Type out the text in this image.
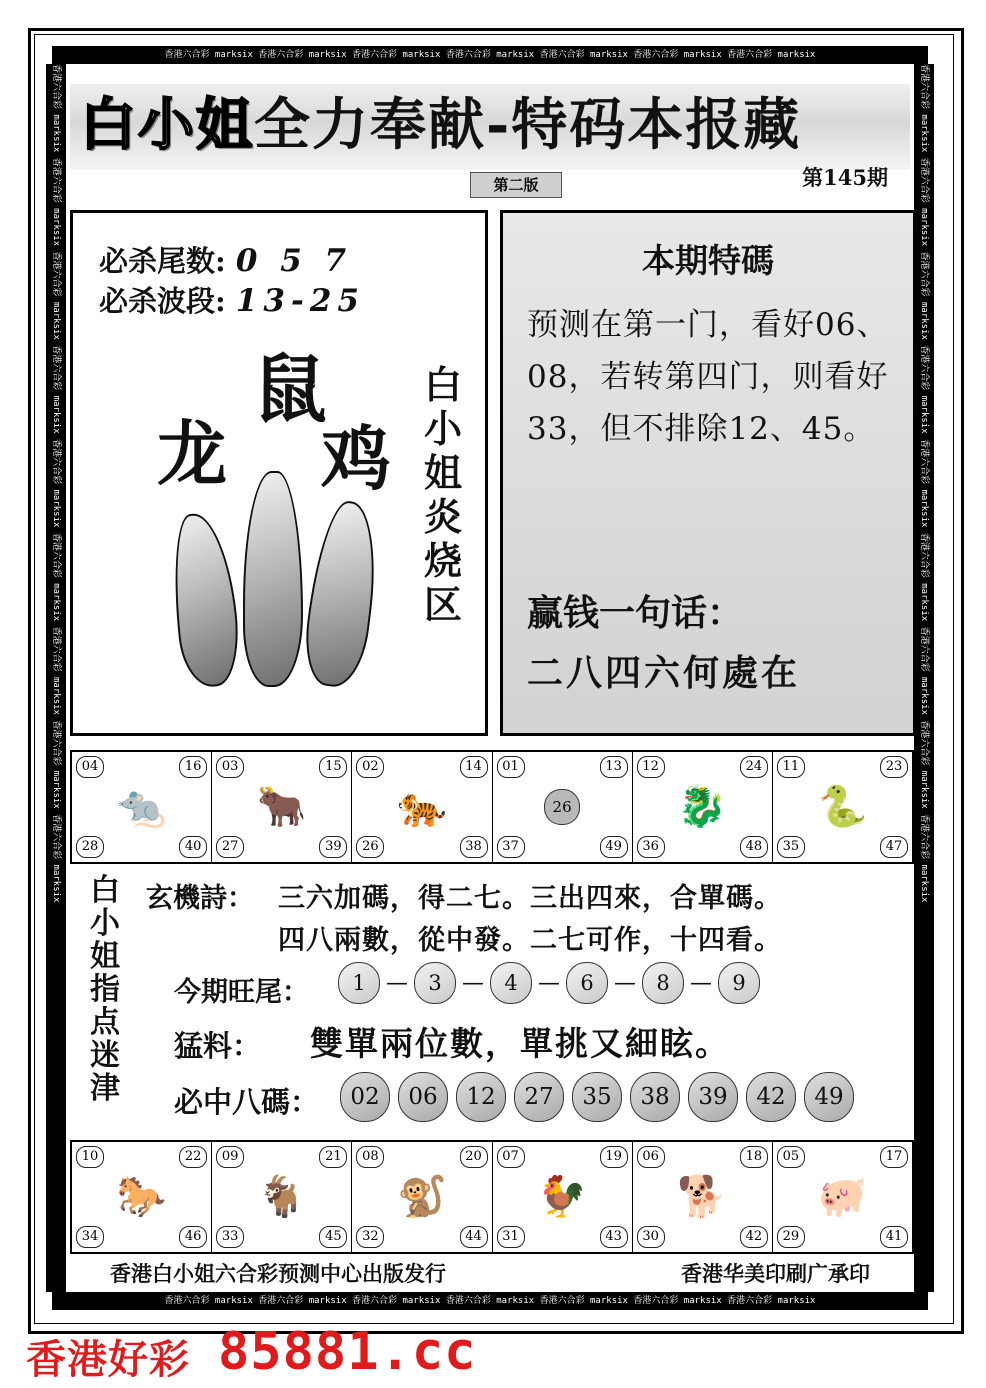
香港六合彩 marksix 香港六合彩 marksix 香港六合彩 marksix 香港六合彩 marksix 香港六合彩 marksix 香港六合彩 marksix 香港六合彩 marksix
香港六合彩 marksix 香港六合彩 marksix 香港六合彩 marksix 香港六合彩 marksix 香港六合彩 marksix 香港六合彩 marksix 香港六合彩 marksix
香港六合彩 marksix 香港六合彩 marksix 香港六合彩 marksix 香港六合彩 marksix 香港六合彩 marksix 香港六合彩 marksix 香港六合彩 marksix 香港六合彩 marksix 香港六合彩 marksix	香港六合彩 marksix 香港六合彩 marksix 香港六合彩 marksix 香港六合彩 marksix 香港六合彩 marksix 香港六合彩 marksix 香港六合彩 marksix 香港六合彩 marksix 香港六合彩 marksix
白小姐全力奉献-特码本报藏
第145期
第二版
必杀尾数: 0 5 7
必杀波段: 13-25
鼠
龙 鸡
白小姐炎烧区
本期特碼
预测在第一门，看好06、08，若转第四门，则看好33，但不排除12、45。
赢钱一句话：
二八四六何處在
04	16
28	40
🐀
03	15
27	39
🐂
02	14
26	38
🐅
01	13
37	49
26
12	24
36	48
🐉
11	23
35	47
🐍
白小姐指点迷津
玄機詩： 三六加碼，得二七。三出四來，合單碼。
四八兩數，從中發。二七可作，十四看。
今期旺尾：	1 — 3 — 4 — 6 — 8 — 9
猛料： 雙單兩位數，單挑又細眩。
必中八碼：	02	06	12	27	35	38	39	42	49
10	22
34	46
🐎
09	21
33	45
🐐
08	20
32	44
🐒
07	19
31	43
🐓
06	18
30	42
🐕
05	17
29	41
🐖
香港白小姐六合彩预测中心出版发行	香港华美印刷广承印
香港好彩 85881.cc
